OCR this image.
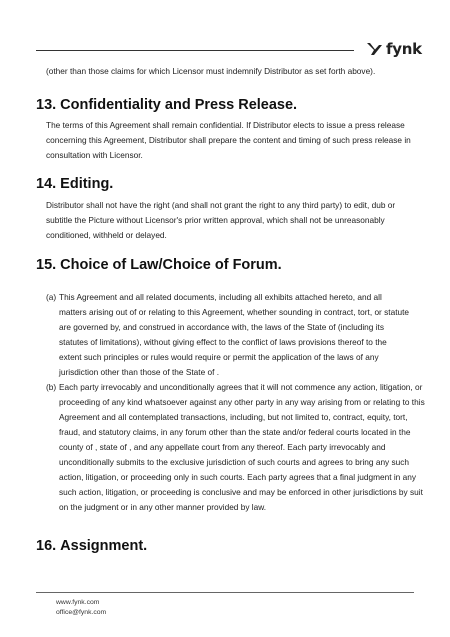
fynk
(other than those claims for which Licensor must indemnify Distributor as set forth above).
13. Confidentiality and Press Release.
The terms of this Agreement shall remain confidential. If Distributor elects to issue a press release concerning this Agreement, Distributor shall prepare the content and timing of such press release in consultation with Licensor.
14. Editing.
Distributor shall not have the right (and shall not grant the right to any third party) to edit, dub or subtitle the Picture without Licensor's prior written approval, which shall not be unreasonably conditioned, withheld or delayed.
15. Choice of Law/Choice of Forum.
(a) This Agreement and all related documents, including all exhibits attached hereto, and all matters arising out of or relating to this Agreement, whether sounding in contract, tort, or statute are governed by, and construed in accordance with, the laws of the State of (including its statutes of limitations), without giving effect to the conflict of laws provisions thereof to the extent such principles or rules would require or permit the application of the laws of any jurisdiction other than those of the State of .
(b) Each party irrevocably and unconditionally agrees that it will not commence any action, litigation, or proceeding of any kind whatsoever against any other party in any way arising from or relating to this Agreement and all contemplated transactions, including, but not limited to, contract, equity, tort, fraud, and statutory claims, in any forum other than the state and/or federal courts located in the county of , state of , and any appellate court from any thereof. Each party irrevocably and unconditionally submits to the exclusive jurisdiction of such courts and agrees to bring any such action, litigation, or proceeding only in such courts. Each party agrees that a final judgment in any such action, litigation, or proceeding is conclusive and may be enforced in other jurisdictions by suit on the judgment or in any other manner provided by law.
16. Assignment.
www.fynk.com
office@fynk.com
